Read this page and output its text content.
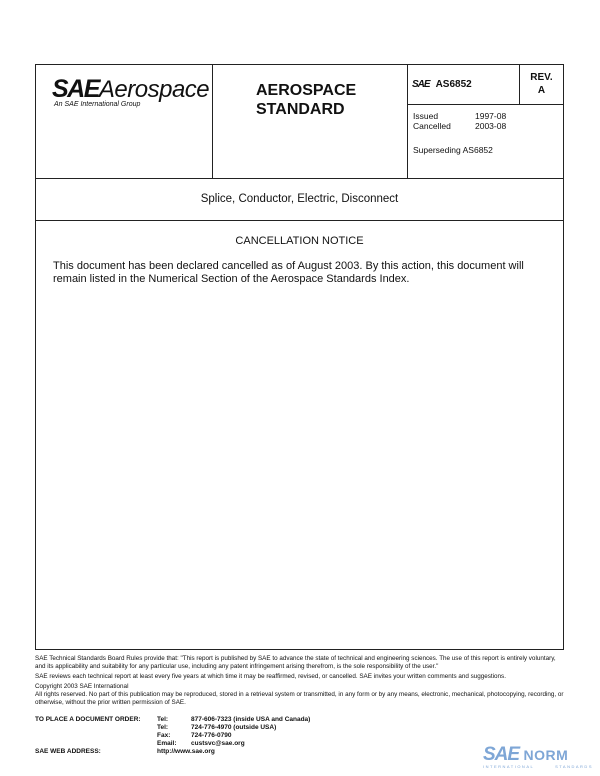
SAEAerospace
An SAE International Group
AEROSPACE
STANDARD
SAE AS6852
REV.
A
Issued	1997-08
Cancelled	2003-08
Superseding AS6852
Splice, Conductor, Electric, Disconnect
CANCELLATION NOTICE
This document has been declared cancelled as of August 2003. By this action, this document will remain listed in the Numerical Section of the Aerospace Standards Index.

SAE Technical Standards Board Rules provide that: "This report is published by SAE to advance the state of technical and engineering sciences. The use of this report is entirely voluntary, and its applicability and suitability for any particular use, including any patent infringement arising therefrom, is the sole responsibility of the user."

SAE reviews each technical report at least every five years at which time it may be reaffirmed, revised, or cancelled. SAE invites your written comments and suggestions.

Copyright 2003 SAE International

All rights reserved. No part of this publication may be reproduced, stored in a retrieval system or transmitted, in any form or by any means, electronic, mechanical, photocopying, recording, or otherwise, without the prior written permission of SAE.

TO PLACE A DOCUMENT ORDER:	Tel:	877-606-7323 (inside USA and Canada)
Tel:	724-776-4970 (outside USA)
Fax:	724-776-0790
Email:	custsvc@sae.org
SAE WEB ADDRESS:	http://www.sae.org	SAE NORM
INTERNATIONAL	STANDARDS
